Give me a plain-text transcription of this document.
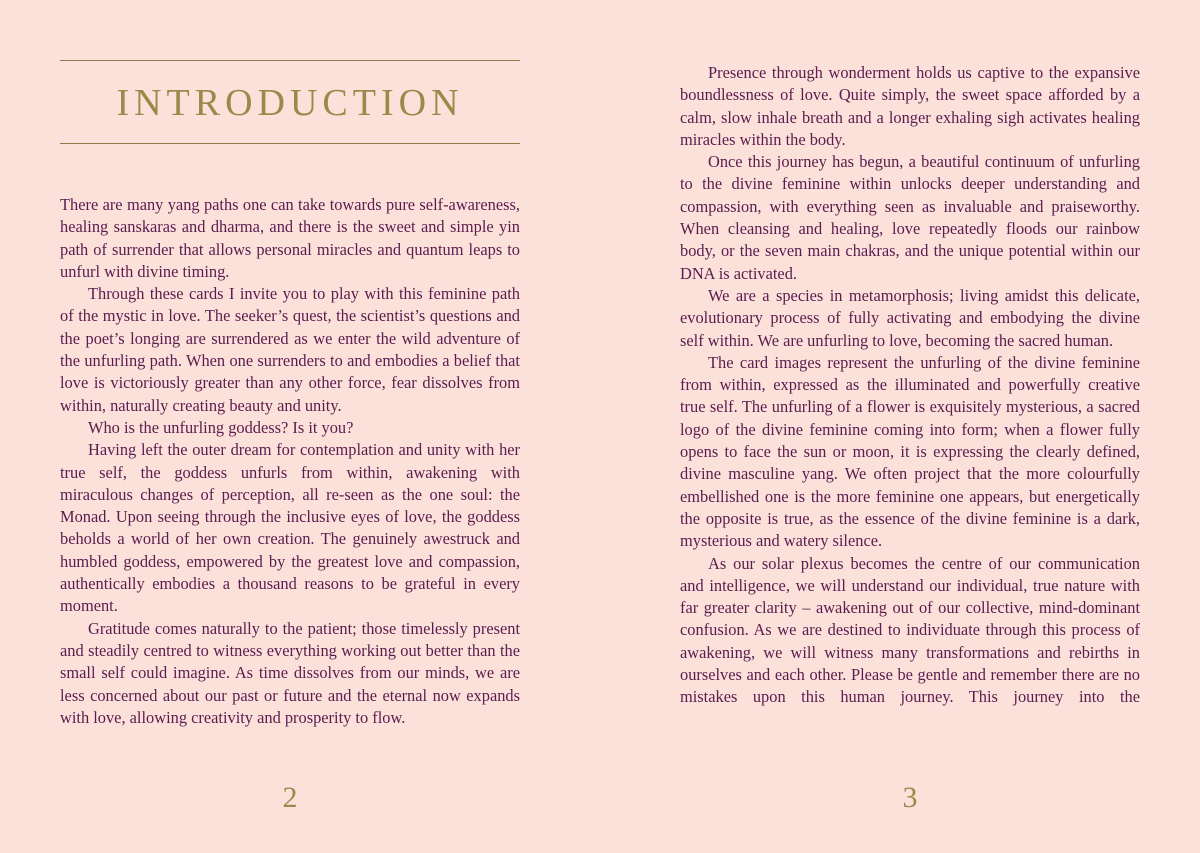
INTRODUCTION

There are many yang paths one can take towards pure self-awareness, healing sanskaras and dharma, and there is the sweet and simple yin path of surrender that allows personal miracles and quantum leaps to unfurl with divine timing.

Through these cards I invite you to play with this feminine path of the mystic in love. The seeker’s quest, the scientist’s questions and the poet’s longing are surrendered as we enter the wild adventure of the unfurling path. When one surrenders to and embodies a belief that love is victoriously greater than any other force, fear dissolves from within, naturally creating beauty and unity.

Who is the unfurling goddess? Is it you?

Having left the outer dream for contemplation and unity with her true self, the goddess unfurls from within, awakening with miraculous changes of perception, all re-seen as the one soul: the Monad. Upon seeing through the inclusive eyes of love, the goddess beholds a world of her own creation. The genuinely awestruck and humbled goddess, empowered by the greatest love and compassion, authentically embodies a thousand reasons to be grateful in every moment.

Gratitude comes naturally to the patient; those timelessly present and steadily centred to witness everything working out better than the small self could imagine. As time dissolves from our minds, we are less concerned about our past or future and the eternal now expands with love, allowing creativity and prosperity to flow.

2

Presence through wonderment holds us captive to the expansive boundlessness of love. Quite simply, the sweet space afforded by a calm, slow inhale breath and a longer exhaling sigh activates healing miracles within the body.

Once this journey has begun, a beautiful continuum of unfurling to the divine feminine within unlocks deeper understanding and compassion, with everything seen as invaluable and praiseworthy. When cleansing and healing, love repeatedly floods our rainbow body, or the seven main chakras, and the unique potential within our DNA is activated.

We are a species in metamorphosis; living amidst this delicate, evolutionary process of fully activating and embodying the divine self within. We are unfurling to love, becoming the sacred human.

The card images represent the unfurling of the divine feminine from within, expressed as the illuminated and powerfully creative true self. The unfurling of a flower is exquisitely mysterious, a sacred logo of the divine feminine coming into form; when a flower fully opens to face the sun or moon, it is expressing the clearly defined, divine masculine yang. We often project that the more colourfully embellished one is the more feminine one appears, but energetically the opposite is true, as the essence of the divine feminine is a dark, mysterious and watery silence.

As our solar plexus becomes the centre of our communication and intelligence, we will understand our individual, true nature with far greater clarity – awakening out of our collective, mind-dominant confusion. As we are destined to individuate through this process of awakening, we will witness many transformations and rebirths in ourselves and each other. Please be gentle and remember there are no mistakes upon this human journey. This journey into the

3
